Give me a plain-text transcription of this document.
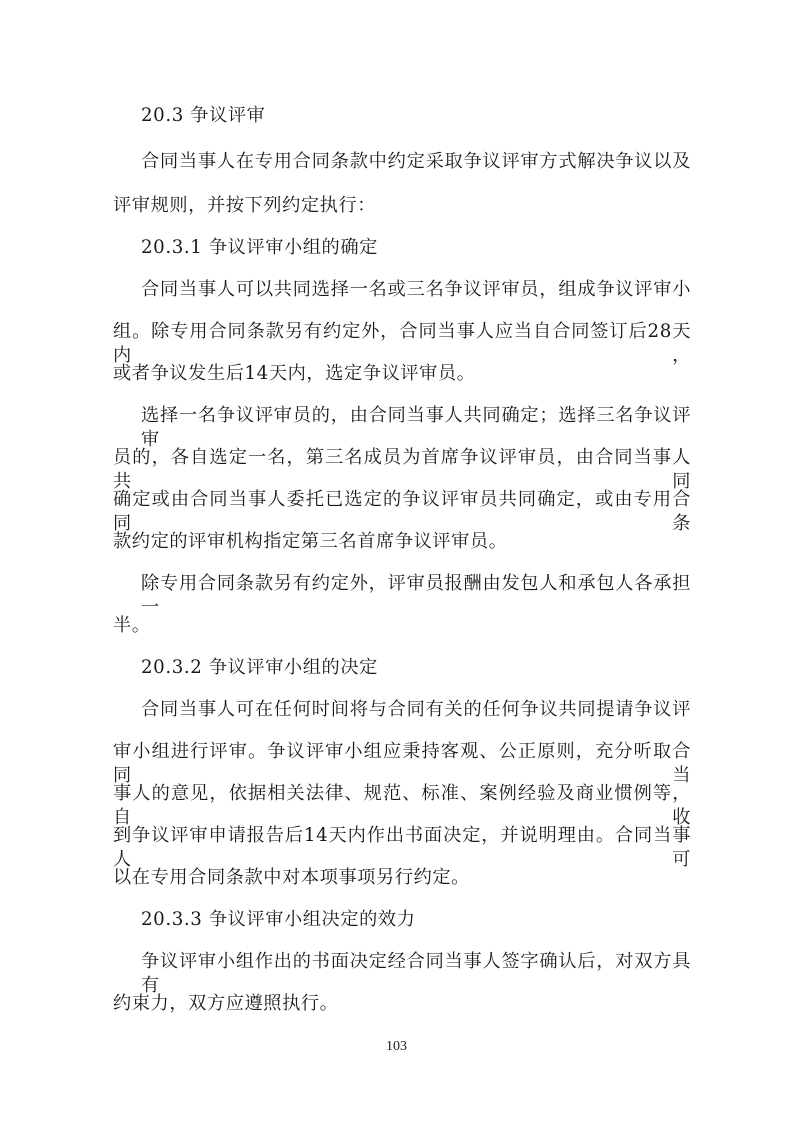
20.3 争议评审
合同当事人在专用合同条款中约定采取争议评审方式解决争议以及
评审规则，并按下列约定执行：
20.3.1 争议评审小组的确定
合同当事人可以共同选择一名或三名争议评审员，组成争议评审小
组。除专用合同条款另有约定外，合同当事人应当自合同签订后28天内，
或者争议发生后14天内，选定争议评审员。
选择一名争议评审员的，由合同当事人共同确定；选择三名争议评审
员的，各自选定一名，第三名成员为首席争议评审员，由合同当事人共同
确定或由合同当事人委托已选定的争议评审员共同确定，或由专用合同条
款约定的评审机构指定第三名首席争议评审员。
除专用合同条款另有约定外，评审员报酬由发包人和承包人各承担一
半。
20.3.2 争议评审小组的决定
合同当事人可在任何时间将与合同有关的任何争议共同提请争议评
审小组进行评审。争议评审小组应秉持客观、公正原则，充分听取合同当
事人的意见，依据相关法律、规范、标准、案例经验及商业惯例等，自收
到争议评审申请报告后14天内作出书面决定，并说明理由。合同当事人可
以在专用合同条款中对本项事项另行约定。
20.3.3 争议评审小组决定的效力
争议评审小组作出的书面决定经合同当事人签字确认后，对双方具有
约束力，双方应遵照执行。
103
